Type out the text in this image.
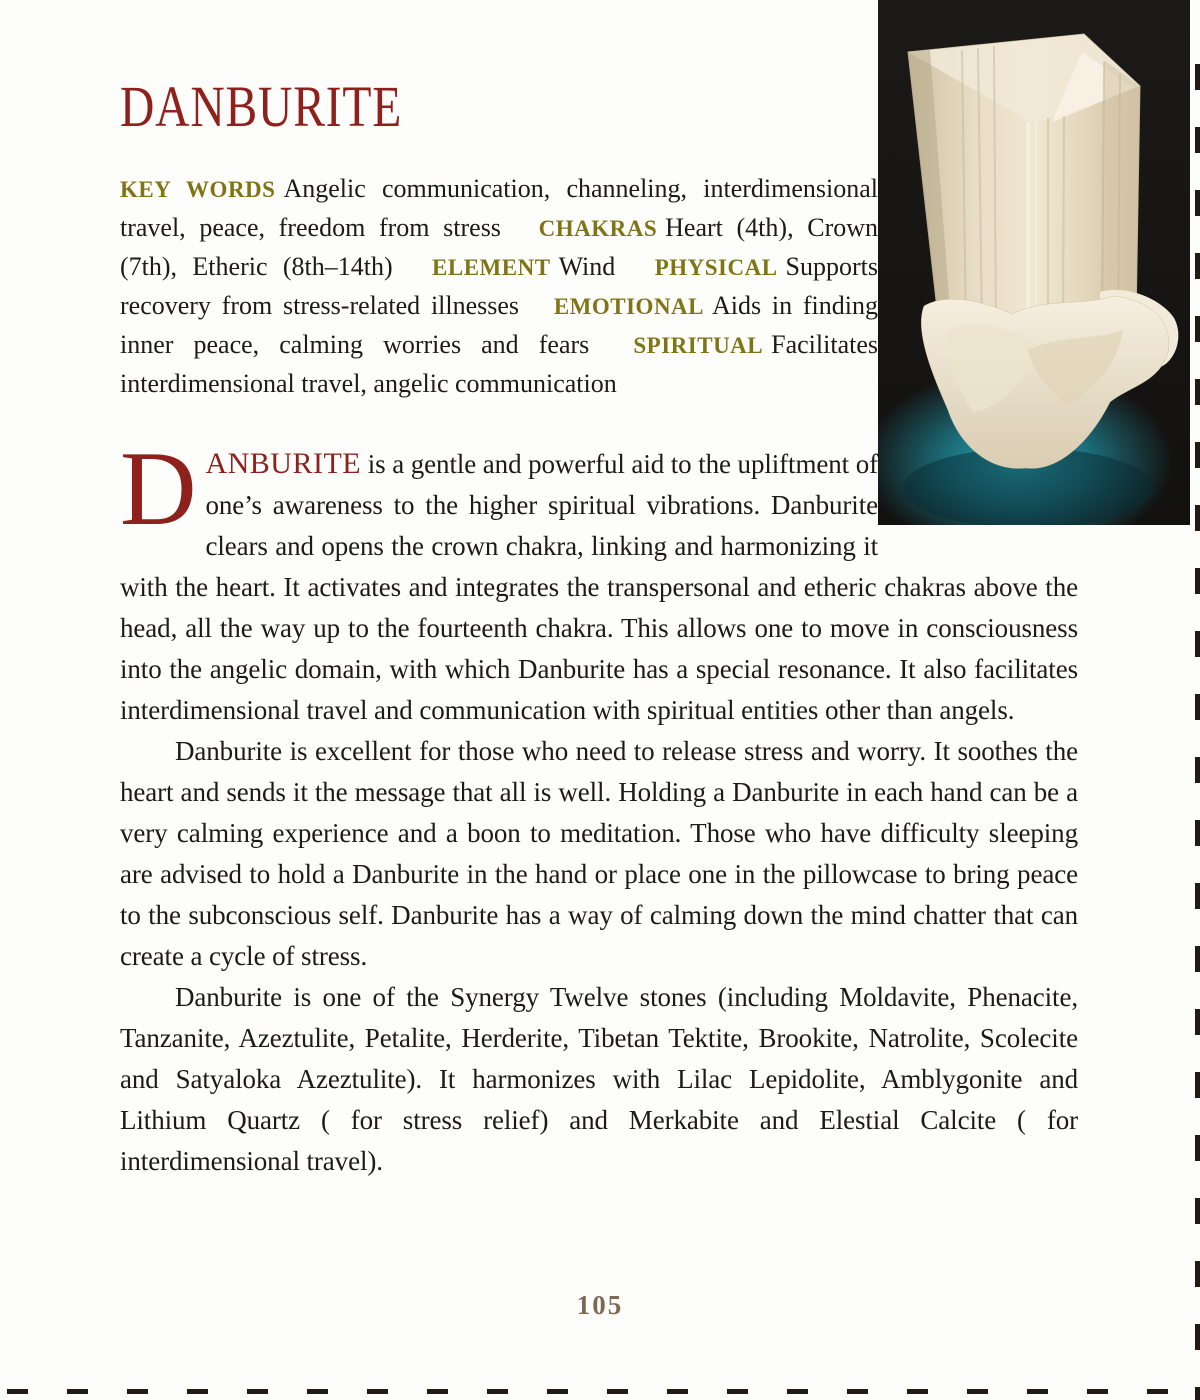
DANBURITE

KEY WORDS Angelic communication, channeling, interdimensional travel, peace, freedom from stress CHAKRAS Heart (4th), Crown (7th), Etheric (8th–14th) ELEMENT Wind PHYSICAL Supports recovery from stress-related illnesses EMOTIONAL Aids in finding inner peace, calming worries and fears SPIRITUAL Facilitates interdimensional travel, angelic communication

DANBURITE is a gentle and powerful aid to the upliftment of one’s awareness to the higher spiritual vibrations. Danburite clears and opens the crown chakra, linking and harmonizing it with the heart. It activates and integrates the transpersonal and etheric chakras above the head, all the way up to the fourteenth chakra. This allows one to move in consciousness into the angelic domain, with which Danburite has a special resonance. It also facilitates interdimensional travel and communication with spiritual entities other than angels.

Danburite is excellent for those who need to release stress and worry. It soothes the heart and sends it the message that all is well. Holding a Danburite in each hand can be a very calming experience and a boon to meditation. Those who have difficulty sleeping are advised to hold a Danburite in the hand or place one in the pillowcase to bring peace to the subconscious self. Danburite has a way of calming down the mind chatter that can create a cycle of stress.

Danburite is one of the Synergy Twelve stones (including Moldavite, Phenacite, Tanzanite, Azeztulite, Petalite, Herderite, Tibetan Tektite, Brookite, Natrolite, Scolecite and Satyaloka Azeztulite). It harmonizes with Lilac Lepidolite, Amblygonite and Lithium Quartz ( for stress relief) and Merkabite and Elestial Calcite ( for interdimensional travel).

105
